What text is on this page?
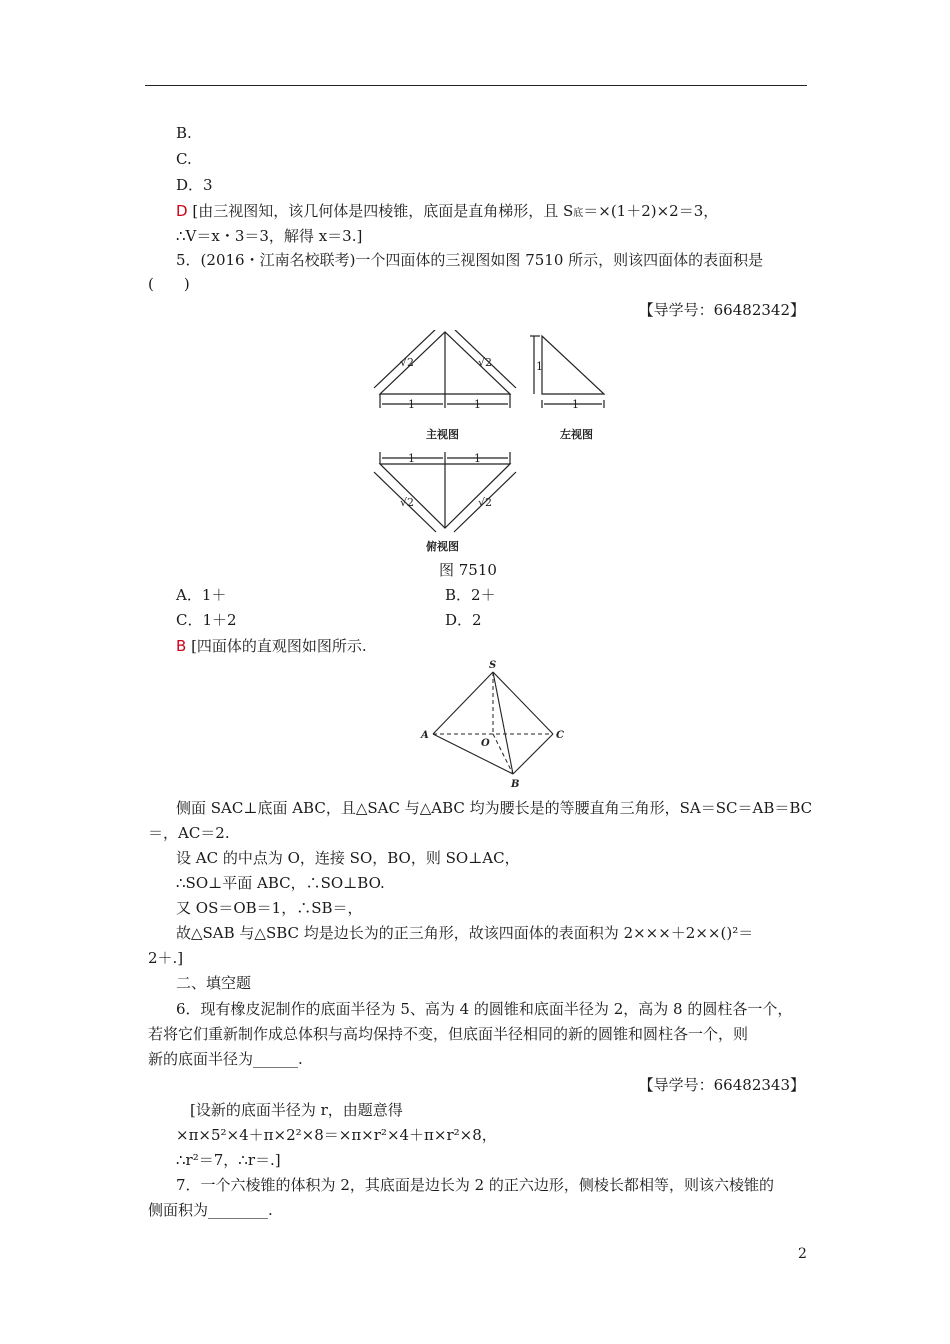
B.
C.
D．3
D [由三视图知，该几何体是四棱锥，底面是直角梯形，且 S底＝×(1＋2)×2＝3，
∴V＝x・3＝3，解得 x＝3.]
5．(2016・江南名校联考)一个四面体的三视图如图 7510 所示，则该四面体的表面积是
(　　)
【导学号：66482342】
1	1
√2	√2	1
1
1	1
√2	√2
主视图	左视图
俯视图
图 7510
A．1＋	B．2＋
C．1＋2	D．2
B [四面体的直观图如图所示.
S
A
O
C
B
侧面 SAC⊥底面 ABC，且△SAC 与△ABC 均为腰长是的等腰直角三角形，SA＝SC＝AB＝BC
＝，AC＝2.
设 AC 的中点为 O，连接 SO，BO，则 SO⊥AC，
∴SO⊥平面 ABC，∴SO⊥BO.
又 OS＝OB＝1，∴SB＝，
故△SAB 与△SBC 均是边长为的正三角形，故该四面体的表面积为 2×××＋2××()²＝
2＋.]
二、填空题
6．现有橡皮泥制作的底面半径为 5、高为 4 的圆锥和底面半径为 2，高为 8 的圆柱各一个，
若将它们重新制作成总体积与高均保持不变，但底面半径相同的新的圆锥和圆柱各一个，则
新的底面半径为______.
【导学号：66482343】
[设新的底面半径为 r，由题意得
×π×5²×4＋π×2²×8＝×π×r²×4＋π×r²×8，
∴r²＝7，∴r＝.]
7．一个六棱锥的体积为 2，其底面是边长为 2 的正六边形，侧棱长都相等，则该六棱锥的
侧面积为________.
2
